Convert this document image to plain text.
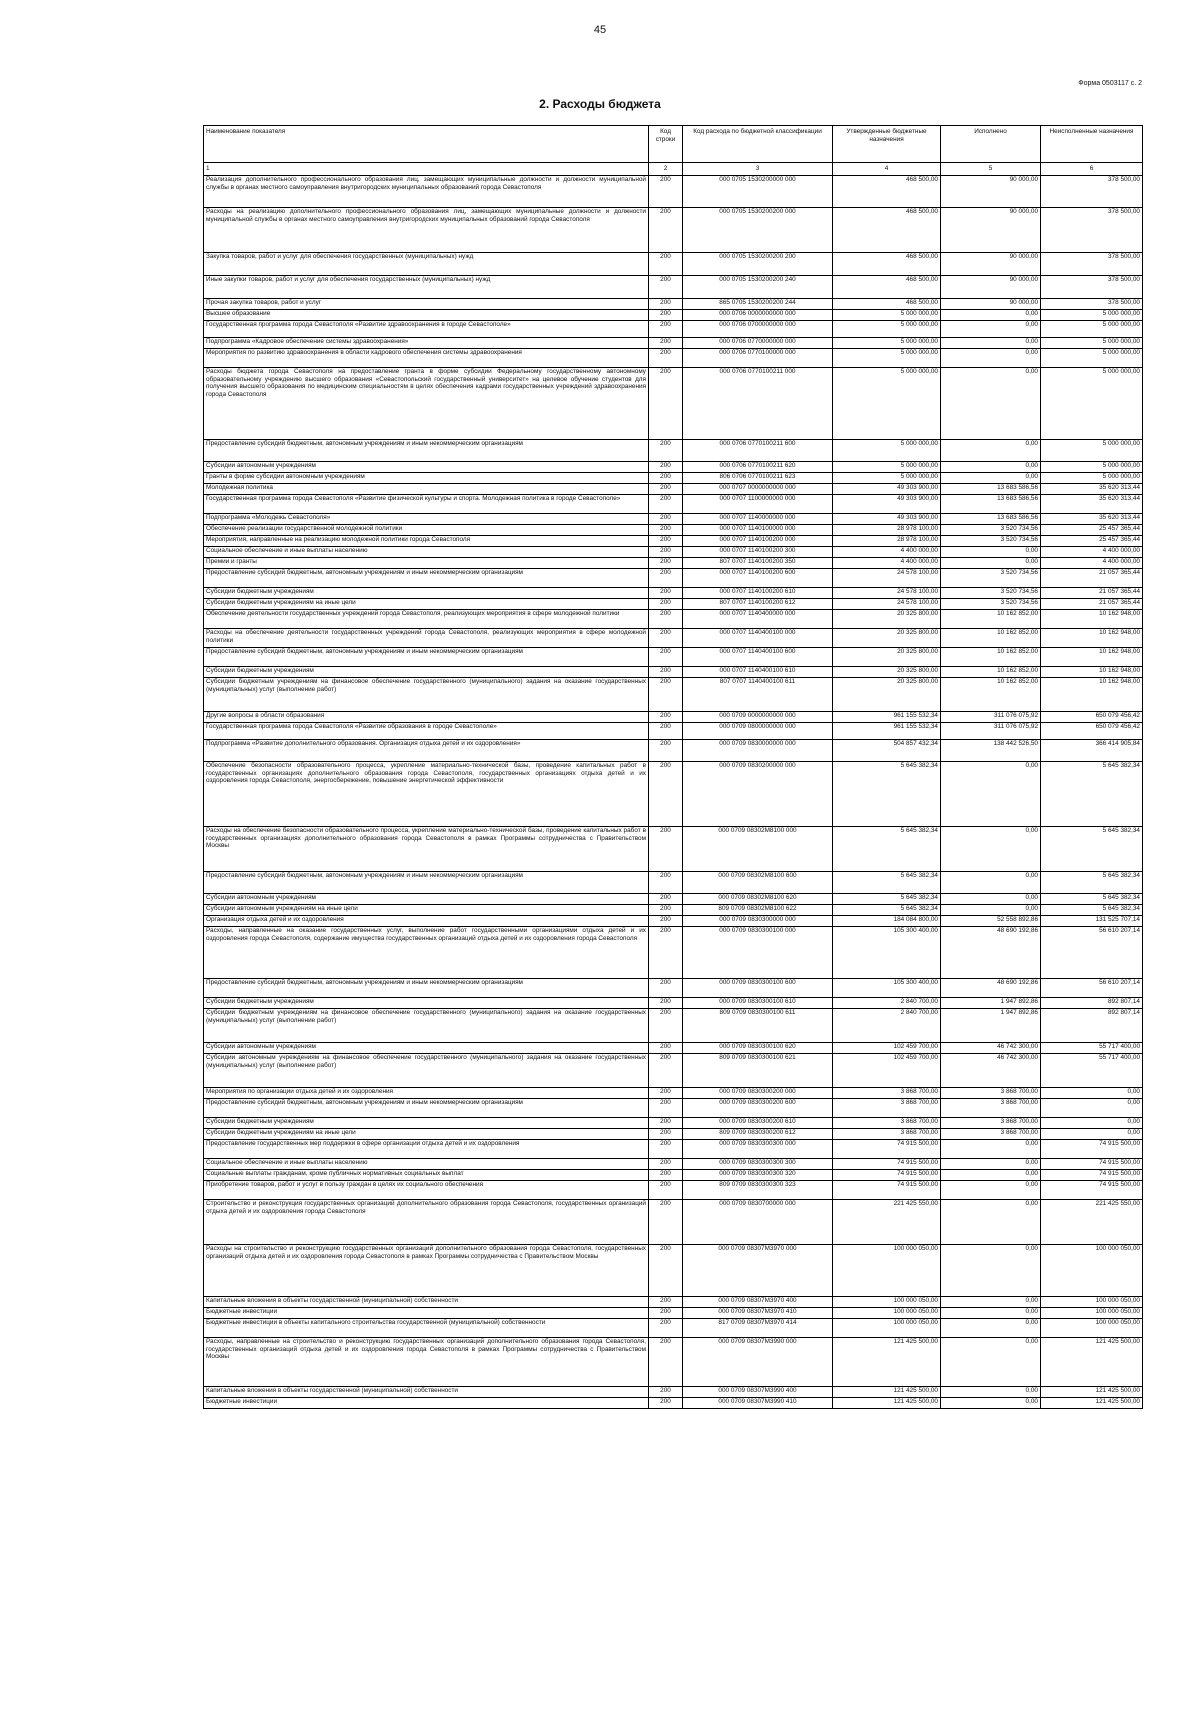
45
Форма 0503117 с. 2
2. Расходы бюджета
Наименование показателя	Код строки	Код расхода по бюджетной классификации	Утвержденные бюджетные назначения	Исполнено	Неисполненные назначения
1	2	3	4	5	6
Реализация дополнительного профессионального образования лиц, замещающих муниципальные должности и должности муниципальной службы в органах местного самоуправления внутригородских муниципальных образований города Севастополя	200	000 0705 1530200000 000	468 500,00	90 000,00	378 500,00
Расходы на реализацию дополнительного профессионального образования лиц, замещающих муниципальные должности и должности муниципальной службы в органах местного самоуправления внутригородских муниципальных образований города Севастополя	200	000 0705 1530200200 000	468 500,00	90 000,00	378 500,00
Закупка товаров, работ и услуг для обеспечения государственных (муниципальных) нужд	200	000 0705 1530200200 200	468 500,00	90 000,00	378 500,00
Иные закупки товаров, работ и услуг для обеспечения государственных (муниципальных) нужд	200	000 0705 1530200200 240	468 500,00	90 000,00	378 500,00
Прочая закупка товаров, работ и услуг	200	865 0705 1530200200 244	468 500,00	90 000,00	378 500,00
Высшее образование	200	000 0706 0000000000 000	5 000 000,00	0,00	5 000 000,00
Государственная программа города Севастополя «Развитие здравоохранения в городе Севастополе»	200	000 0706 0700000000 000	5 000 000,00	0,00	5 000 000,00
Подпрограмма «Кадровое обеспечение системы здравоохранения»	200	000 0706 0770000000 000	5 000 000,00	0,00	5 000 000,00
Мероприятия по развитию здравоохранения в области кадрового обеспечения системы здравоохранения	200	000 0706 0770100000 000	5 000 000,00	0,00	5 000 000,00
Расходы бюджета города Севастополя на предоставление гранта в форме субсидии Федеральному государственному автономному образовательному учреждению высшего образования «Севастопольский государственный университет» на целевое обучение студентов для получения высшего образования по медицинским специальностям в целях обеспечения кадрами государственных учреждений здравоохранения города Севастополя	200	000 0706 0770100211 000	5 000 000,00	0,00	5 000 000,00
Предоставление субсидий бюджетным, автономным учреждениям и иным некоммерческим организациям	200	000 0706 0770100211 600	5 000 000,00	0,00	5 000 000,00
Субсидии автономным учреждениям	200	000 0706 0770100211 620	5 000 000,00	0,00	5 000 000,00
Гранты в форме субсидии автономным учреждениям	200	806 0706 0770100211 623	5 000 000,00	0,00	5 000 000,00
Молодежная политика	200	000 0707 0000000000 000	49 303 900,00	13 683 586,56	35 620 313,44
Государственная программа города Севастополя «Развитие физической культуры и спорта. Молодежная политика в городе Севастополе»	200	000 0707 1100000000 000	49 303 900,00	13 683 586,56	35 620 313,44
Подпрограмма «Молодежь Севастополя»	200	000 0707 1140000000 000	49 303 900,00	13 683 586,56	35 620 313,44
Обеспечение реализации государственной молодежной политики	200	000 0707 1140100000 000	28 978 100,00	3 520 734,56	25 457 365,44
Мероприятия, направленные на реализацию молодежной политики города Севастополя	200	000 0707 1140100200 000	28 978 100,00	3 520 734,56	25 457 365,44
Социальное обеспечение и иные выплаты населению	200	000 0707 1140100200 300	4 400 000,00	0,00	4 400 000,00
Премии и гранты	200	807 0707 1140100200 350	4 400 000,00	0,00	4 400 000,00
Предоставление субсидий бюджетным, автономным учреждениям и иным некоммерческим организациям	200	000 0707 1140100200 600	24 578 100,00	3 520 734,56	21 057 365,44
Субсидии бюджетным учреждениям	200	000 0707 1140100200 610	24 578 100,00	3 520 734,56	21 057 365,44
Субсидии бюджетным учреждениям на иные цели	200	807 0707 1140100200 612	24 578 100,00	3 520 734,56	21 057 365,44
Обеспечение деятельности государственных учреждений города Севастополя, реализующих мероприятия в сфере молодежной политики	200	000 0707 1140400000 000	20 325 800,00	10 162 852,00	10 162 948,00
Расходы на обеспечение деятельности государственных учреждений города Севастополя, реализующих мероприятия в сфере молодежной политики	200	000 0707 1140400100 000	20 325 800,00	10 162 852,00	10 162 948,00
Предоставление субсидий бюджетным, автономным учреждениям и иным некоммерческим организациям	200	000 0707 1140400100 600	20 325 800,00	10 162 852,00	10 162 948,00
Субсидии бюджетным учреждениям	200	000 0707 1140400100 610	20 325 800,00	10 162 852,00	10 162 948,00
Субсидии бюджетным учреждениям на финансовое обеспечение государственного (муниципального) задания на оказание государственных (муниципальных) услуг (выполнение работ)	200	807 0707 1140400100 611	20 325 800,00	10 162 852,00	10 162 948,00
Другие вопросы в области образования	200	000 0709 0000000000 000	961 155 532,34	311 076 075,92	650 079 456,42
Государственная программа города Севастополя «Развитие образования в городе Севастополе»	200	000 0709 0800000000 000	961 155 532,34	311 076 075,92	650 079 456,42
Подпрограмма «Развитие дополнительного образования. Организация отдыха детей и их оздоровления»	200	000 0709 0830000000 000	504 857 432,34	138 442 526,50	366 414 905,84
Обеспечение безопасности образовательного процесса, укрепление материально-технической базы, проведение капитальных работ в государственных организациях дополнительного образования города Севастополя, государственных организациях отдыха детей и их оздоровления города Севастополя, энергосбережение, повышение энергетической эффективности	200	000 0709 0830200000 000	5 645 382,34	0,00	5 645 382,34
Расходы на обеспечение безопасности образовательного процесса, укрепление материально-технической базы, проведение капитальных работ в государственных организациях дополнительного образования города Севастополя в рамках Программы сотрудничества с Правительством Москвы	200	000 0709 08302М8100 000	5 645 382,34	0,00	5 645 382,34
Предоставление субсидий бюджетным, автономным учреждениям и иным некоммерческим организациям	200	000 0709 08302М8100 600	5 645 382,34	0,00	5 645 382,34
Субсидии автономным учреждениям	200	000 0709 08302М8100 620	5 645 382,34	0,00	5 645 382,34
Субсидии автономным учреждениям на иные цели	200	809 0709 08302М8100 622	5 645 382,34	0,00	5 645 382,34
Организация отдыха детей и их оздоровления	200	000 0709 0830300000 000	184 084 800,00	52 558 892,86	131 525 707,14
Расходы, направленные на оказание государственных услуг, выполнение работ государственными организациями отдыха детей и их оздоровления города Севастополя, содержание имущества государственных организаций отдыха детей и их оздоровления города Севастополя	200	000 0709 0830300100 000	105 300 400,00	48 690 192,86	56 610 207,14
Предоставление субсидий бюджетным, автономным учреждениям и иным некоммерческим организациям	200	000 0709 0830300100 600	105 300 400,00	48 690 192,86	56 610 207,14
Субсидии бюджетным учреждениям	200	000 0709 0830300100 610	2 840 700,00	1 947 892,86	892 807,14
Субсидии бюджетным учреждениям на финансовое обеспечение государственного (муниципального) задания на оказание государственных (муниципальных) услуг (выполнение работ)	200	809 0709 0830300100 611	2 840 700,00	1 947 892,86	892 807,14
Субсидии автономным учреждениям	200	000 0709 0830300100 620	102 459 700,00	46 742 300,00	55 717 400,00
Субсидии автономным учреждениям на финансовое обеспечение государственного (муниципального) задания на оказание государственных (муниципальных) услуг (выполнение работ)	200	809 0709 0830300100 621	102 459 700,00	46 742 300,00	55 717 400,00
Мероприятия по организации отдыха детей и их оздоровления	200	000 0709 0830300200 000	3 868 700,00	3 868 700,00	0,00
Предоставление субсидий бюджетным, автономным учреждениям и иным некоммерческим организациям	200	000 0709 0830300200 600	3 868 700,00	3 868 700,00	0,00
Субсидии бюджетным учреждениям	200	000 0709 0830300200 610	3 868 700,00	3 868 700,00	0,00
Субсидии бюджетным учреждениям на иные цели	200	809 0709 0830300200 612	3 868 700,00	3 868 700,00	0,00
Предоставление государственных мер поддержки в сфере организации отдыха детей и их оздоровления	200	000 0709 0830300300 000	74 915 500,00	0,00	74 915 500,00
Социальное обеспечение и иные выплаты населению	200	000 0709 0830300300 300	74 915 500,00	0,00	74 915 500,00
Социальные выплаты гражданам, кроме публичных нормативных социальных выплат	200	000 0709 0830300300 320	74 915 500,00	0,00	74 915 500,00
Приобретение товаров, работ и услуг в пользу граждан в целях их социального обеспечения	200	809 0709 0830300300 323	74 915 500,00	0,00	74 915 500,00
Строительство и реконструкция государственных организаций дополнительного образования города Севастополя, государственных организаций отдыха детей и их оздоровления города Севастополя	200	000 0709 0830700000 000	221 425 550,00	0,00	221 425 550,00
Расходы на строительство и реконструкцию государственных организаций дополнительного образования города Севастополя, государственных организаций отдыха детей и их оздоровления города Севастополя в рамках Программы сотрудничества с Правительством Москвы	200	000 0709 08307М3970 000	100 000 050,00	0,00	100 000 050,00
Капитальные вложения в объекты государственной (муниципальной) собственности	200	000 0709 08307М3970 400	100 000 050,00	0,00	100 000 050,00
Бюджетные инвестиции	200	000 0709 08307М3970 410	100 000 050,00	0,00	100 000 050,00
Бюджетные инвестиции в объекты капитального строительства государственной (муниципальной) собственности	200	817 0709 08307М3970 414	100 000 050,00	0,00	100 000 050,00
Расходы, направленные на строительство и реконструкцию государственных организаций дополнительного образования города Севастополя, государственных организаций отдыха детей и их оздоровления города Севастополя в рамках Программы сотрудничества с Правительством Москвы	200	000 0709 08307М3990 000	121 425 500,00	0,00	121 425 500,00
Капитальные вложения в объекты государственной (муниципальной) собственности	200	000 0709 08307М3990 400	121 425 500,00	0,00	121 425 500,00
Бюджетные инвестиции	200	000 0709 08307М3990 410	121 425 500,00	0,00	121 425 500,00
